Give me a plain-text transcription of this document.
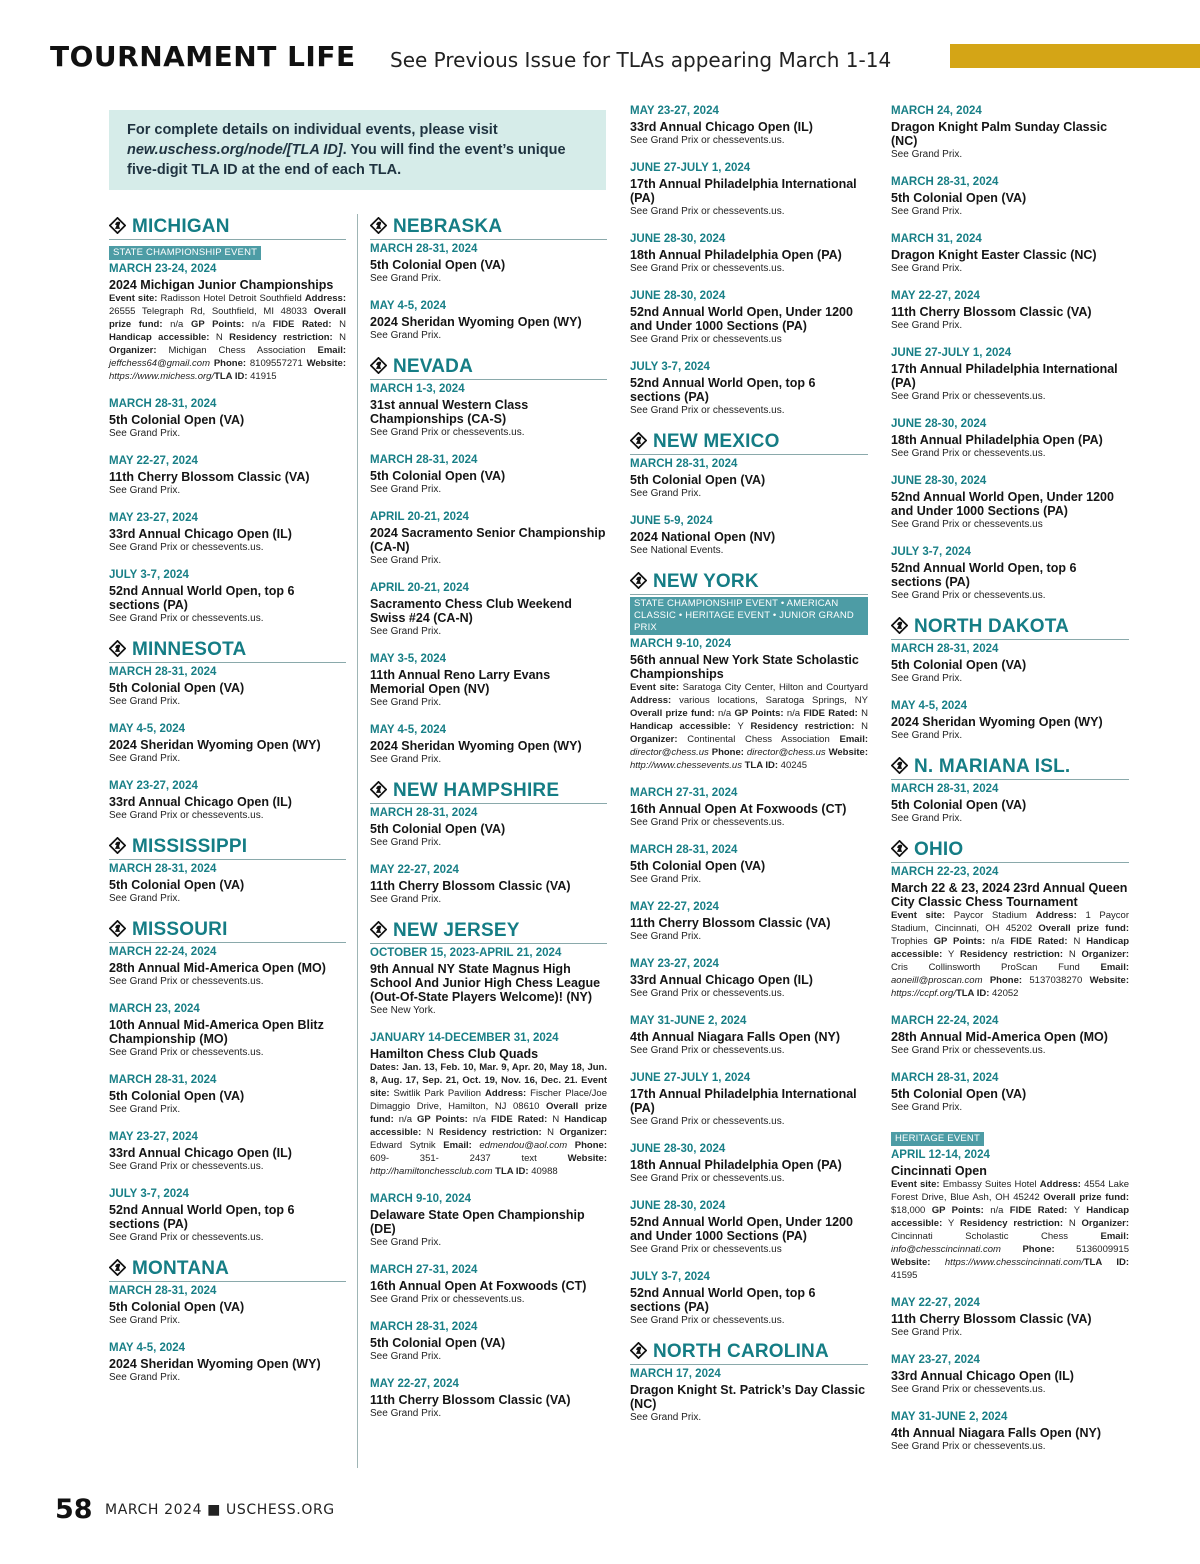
TOURNAMENT LIFE See Previous Issue for TLAs appearing March 1-14
For complete details on individual events, please visit new.uschess.org/node/[TLA ID]. You will find the event’s unique five-digit TLA ID at the end of each TLA.
MICHIGAN
STATE CHAMPIONSHIP EVENT
MARCH 23-24, 2024
2024 Michigan Junior Championships
Event site: Radisson Hotel Detroit Southfield Address: 26555 Telegraph Rd, Southfield, MI 48033 Overall prize fund: n/a GP Points: n/a FIDE Rated: N Handicap accessible: N Residency restriction: N Organizer: Michigan Chess Association Email: jeffchess64@gmail.com Phone: 8109557271 Website: https://www.michess.org/TLA ID: 41915
MARCH 28-31, 2024
5th Colonial Open (VA)
See Grand Prix.
MAY 22-27, 2024
11th Cherry Blossom Classic (VA)
See Grand Prix.
MAY 23-27, 2024
33rd Annual Chicago Open (IL)
See Grand Prix or chessevents.us.
JULY 3-7, 2024
52nd Annual World Open, top 6 sections (PA)
See Grand Prix or chessevents.us.
MINNESOTA
MARCH 28-31, 2024
5th Colonial Open (VA)
See Grand Prix.
MAY 4-5, 2024
2024 Sheridan Wyoming Open (WY)
See Grand Prix.
MAY 23-27, 2024
33rd Annual Chicago Open (IL)
See Grand Prix or chessevents.us.
MISSISSIPPI
MARCH 28-31, 2024
5th Colonial Open (VA)
See Grand Prix.
MISSOURI
MARCH 22-24, 2024
28th Annual Mid-America Open (MO)
See Grand Prix or chessevents.us.
MARCH 23, 2024
10th Annual Mid-America Open Blitz Championship (MO)
See Grand Prix or chessevents.us.
MARCH 28-31, 2024
5th Colonial Open (VA)
See Grand Prix.
MAY 23-27, 2024
33rd Annual Chicago Open (IL)
See Grand Prix or chessevents.us.
JULY 3-7, 2024
52nd Annual World Open, top 6 sections (PA)
See Grand Prix or chessevents.us.
MONTANA
MARCH 28-31, 2024
5th Colonial Open (VA)
See Grand Prix.
MAY 4-5, 2024
2024 Sheridan Wyoming Open (WY)
See Grand Prix.
NEBRASKA
MARCH 28-31, 2024
5th Colonial Open (VA)
See Grand Prix.
MAY 4-5, 2024
2024 Sheridan Wyoming Open (WY)
See Grand Prix.
NEVADA
MARCH 1-3, 2024
31st annual Western Class Championships (CA-S)
See Grand Prix or chessevents.us.
MARCH 28-31, 2024
5th Colonial Open (VA)
See Grand Prix.
APRIL 20-21, 2024
2024 Sacramento Senior Championship (CA-N)
See Grand Prix.
APRIL 20-21, 2024
Sacramento Chess Club Weekend Swiss #24 (CA-N)
See Grand Prix.
MAY 3-5, 2024
11th Annual Reno Larry Evans Memorial Open (NV)
See Grand Prix.
MAY 4-5, 2024
2024 Sheridan Wyoming Open (WY)
See Grand Prix.
NEW HAMPSHIRE
MARCH 28-31, 2024
5th Colonial Open (VA)
See Grand Prix.
MAY 22-27, 2024
11th Cherry Blossom Classic (VA)
See Grand Prix.
NEW JERSEY
OCTOBER 15, 2023-APRIL 21, 2024
9th Annual NY State Magnus High School And Junior High Chess League (Out-Of-State Players Welcome)! (NY)
See New York.
JANUARY 14-DECEMBER 31, 2024
Hamilton Chess Club Quads
Dates: Jan. 13, Feb. 10, Mar. 9, Apr. 20, May 18, Jun. 8, Aug. 17, Sep. 21, Oct. 19, Nov. 16, Dec. 21. Event site: Switlik Park Pavilion Address: Fischer Place/Joe Dimaggio Drive, Hamilton, NJ 08610 Overall prize fund: n/a GP Points: n/a FIDE Rated: N Handicap accessible: N Residency restriction: N Organizer: Edward Sytnik Email: edmendou@aol.com Phone: 609- 351- 2437 text Website: http://hamiltonchessclub.com TLA ID: 40988
MARCH 9-10, 2024
Delaware State Open Championship (DE)
See Grand Prix.
MARCH 27-31, 2024
16th Annual Open At Foxwoods (CT)
See Grand Prix or chessevents.us.
MARCH 28-31, 2024
5th Colonial Open (VA)
See Grand Prix.
MAY 22-27, 2024
11th Cherry Blossom Classic (VA)
See Grand Prix.
MAY 23-27, 2024
33rd Annual Chicago Open (IL)
See Grand Prix or chessevents.us.
JUNE 27-JULY 1, 2024
17th Annual Philadelphia International (PA)
See Grand Prix or chessevents.us.
JUNE 28-30, 2024
18th Annual Philadelphia Open (PA)
See Grand Prix or chessevents.us.
JUNE 28-30, 2024
52nd Annual World Open, Under 1200 and Under 1000 Sections (PA)
See Grand Prix or chessevents.us
JULY 3-7, 2024
52nd Annual World Open, top 6 sections (PA)
See Grand Prix or chessevents.us.
NEW MEXICO
MARCH 28-31, 2024
5th Colonial Open (VA)
See Grand Prix.
JUNE 5-9, 2024
2024 National Open (NV)
See National Events.
NEW YORK
STATE CHAMPIONSHIP EVENT • AMERICAN CLASSIC • HERITAGE EVENT • JUNIOR GRAND PRIX
MARCH 9-10, 2024
56th annual New York State Scholastic Championships
Event site: Saratoga City Center, Hilton and Courtyard Address: various locations, Saratoga Springs, NY Overall prize fund: n/a GP Points: n/a FIDE Rated: N Handicap accessible: Y Residency restriction: N Organizer: Continental Chess Association Email: director@chess.us Phone: director@chess.us Website: http://www.chessevents.us TLA ID: 40245
MARCH 27-31, 2024
16th Annual Open At Foxwoods (CT)
See Grand Prix or chessevents.us.
MARCH 28-31, 2024
5th Colonial Open (VA)
See Grand Prix.
MAY 22-27, 2024
11th Cherry Blossom Classic (VA)
See Grand Prix.
MAY 23-27, 2024
33rd Annual Chicago Open (IL)
See Grand Prix or chessevents.us.
MAY 31-JUNE 2, 2024
4th Annual Niagara Falls Open (NY)
See Grand Prix or chessevents.us.
JUNE 27-JULY 1, 2024
17th Annual Philadelphia International (PA)
See Grand Prix or chessevents.us.
JUNE 28-30, 2024
18th Annual Philadelphia Open (PA)
See Grand Prix or chessevents.us.
JUNE 28-30, 2024
52nd Annual World Open, Under 1200 and Under 1000 Sections (PA)
See Grand Prix or chessevents.us
JULY 3-7, 2024
52nd Annual World Open, top 6 sections (PA)
See Grand Prix or chessevents.us.
NORTH CAROLINA
MARCH 17, 2024
Dragon Knight St. Patrick’s Day Classic (NC)
See Grand Prix.
MARCH 24, 2024
Dragon Knight Palm Sunday Classic (NC)
See Grand Prix.
MARCH 28-31, 2024
5th Colonial Open (VA)
See Grand Prix.
MARCH 31, 2024
Dragon Knight Easter Classic (NC)
See Grand Prix.
MAY 22-27, 2024
11th Cherry Blossom Classic (VA)
See Grand Prix.
JUNE 27-JULY 1, 2024
17th Annual Philadelphia International (PA)
See Grand Prix or chessevents.us.
JUNE 28-30, 2024
18th Annual Philadelphia Open (PA)
See Grand Prix or chessevents.us.
JUNE 28-30, 2024
52nd Annual World Open, Under 1200 and Under 1000 Sections (PA)
See Grand Prix or chessevents.us
JULY 3-7, 2024
52nd Annual World Open, top 6 sections (PA)
See Grand Prix or chessevents.us.
NORTH DAKOTA
MARCH 28-31, 2024
5th Colonial Open (VA)
See Grand Prix.
MAY 4-5, 2024
2024 Sheridan Wyoming Open (WY)
See Grand Prix.
N. MARIANA ISL.
MARCH 28-31, 2024
5th Colonial Open (VA)
See Grand Prix.
OHIO
MARCH 22-23, 2024
March 22 & 23, 2024 23rd Annual Queen City Classic Chess Tournament
Event site: Paycor Stadium Address: 1 Paycor Stadium, Cincinnati, OH 45202 Overall prize fund: Trophies GP Points: n/a FIDE Rated: N Handicap accessible: Y Residency restriction: N Organizer: Cris Collinsworth ProScan Fund Email: aoneill@proscan.com Phone: 5137038270 Website: https://ccpf.org/TLA ID: 42052
MARCH 22-24, 2024
28th Annual Mid-America Open (MO)
See Grand Prix or chessevents.us.
MARCH 28-31, 2024
5th Colonial Open (VA)
See Grand Prix.
HERITAGE EVENT
APRIL 12-14, 2024
Cincinnati Open
Event site: Embassy Suites Hotel Address: 4554 Lake Forest Drive, Blue Ash, OH 45242 Overall prize fund: $18,000 GP Points: n/a FIDE Rated: Y Handicap accessible: Y Residency restriction: N Organizer: Cincinnati Scholastic Chess Email: info@chesscincinnati.com Phone: 5136009915 Website: https://www.chesscincinnati.com/TLA ID: 41595
MAY 22-27, 2024
11th Cherry Blossom Classic (VA)
See Grand Prix.
MAY 23-27, 2024
33rd Annual Chicago Open (IL)
See Grand Prix or chessevents.us.
MAY 31-JUNE 2, 2024
4th Annual Niagara Falls Open (NY)
See Grand Prix or chessevents.us.
58 MARCH 2024 ■ USCHESS.ORG
